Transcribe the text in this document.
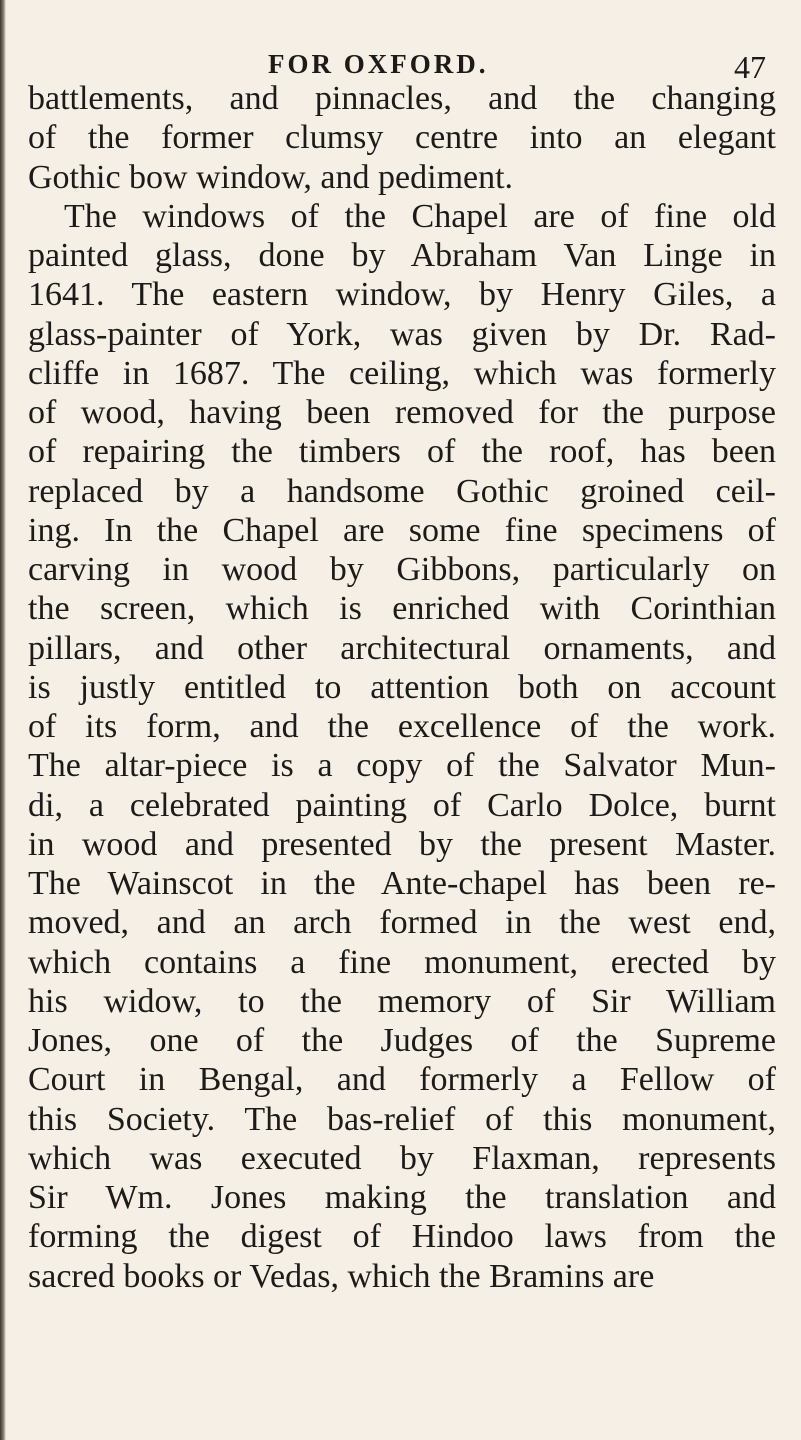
FOR OXFORD.	47
battlements, and pinnacles, and the changing
of the former clumsy centre into an elegant
Gothic bow window, and pediment.
The windows of the Chapel are of fine old
painted glass, done by Abraham Van Linge in
1641. The eastern window, by Henry Giles, a
glass-painter of York, was given by Dr. Rad-
cliffe in 1687. The ceiling, which was formerly
of wood, having been removed for the purpose
of repairing the timbers of the roof, has been
replaced by a handsome Gothic groined ceil-
ing. In the Chapel are some fine specimens of
carving in wood by Gibbons, particularly on
the screen, which is enriched with Corinthian
pillars, and other architectural ornaments, and
is justly entitled to attention both on account
of its form, and the excellence of the work.
The altar-piece is a copy of the Salvator Mun-
di, a celebrated painting of Carlo Dolce, burnt
in wood and presented by the present Master.
The Wainscot in the Ante-chapel has been re-
moved, and an arch formed in the west end,
which contains a fine monument, erected by
his widow, to the memory of Sir William
Jones, one of the Judges of the Supreme
Court in Bengal, and formerly a Fellow of
this Society. The bas-relief of this monument,
which was executed by Flaxman, represents
Sir Wm. Jones making the translation and
forming the digest of Hindoo laws from the
sacred books or Vedas, which the Bramins are
